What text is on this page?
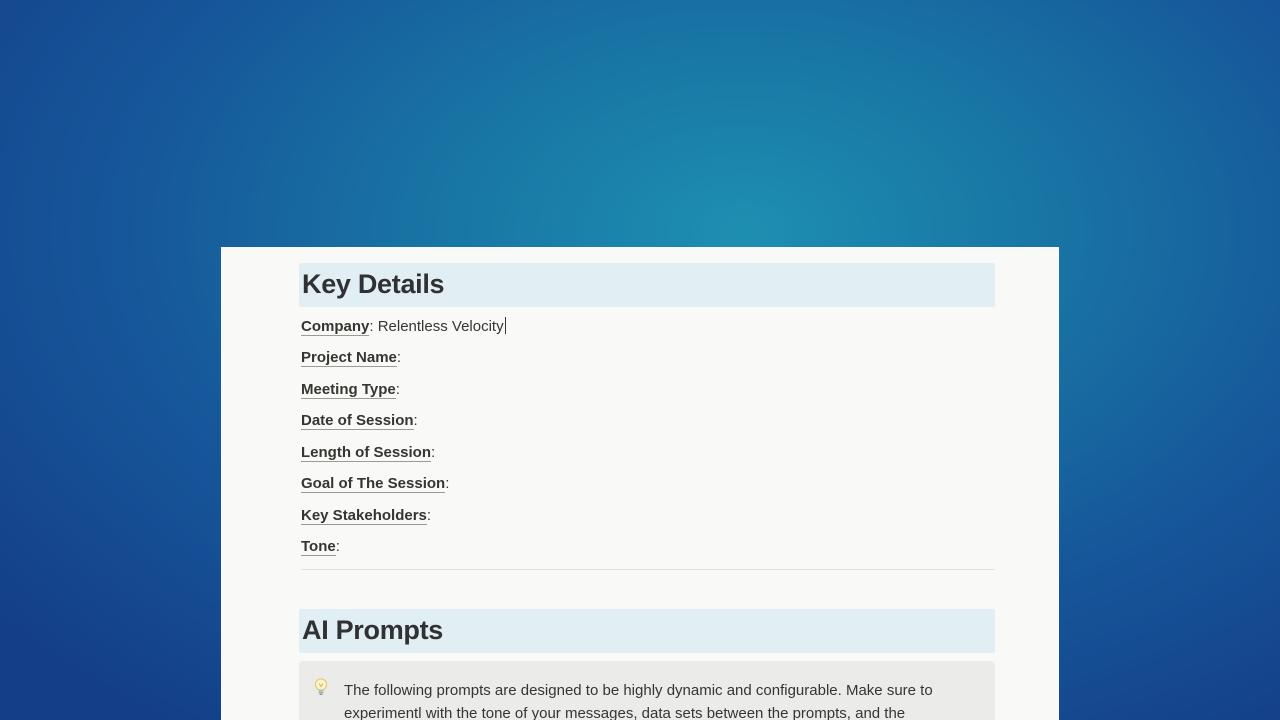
Key Details
Company: Relentless Velocity
Project Name:
Meeting Type:
Date of Session:
Length of Session:
Goal of The Session:
Key Stakeholders:
Tone:
AI Prompts
The following prompts are designed to be highly dynamic and configurable. Make sure to
experimentl with the tone of your messages, data sets between the prompts, and the
